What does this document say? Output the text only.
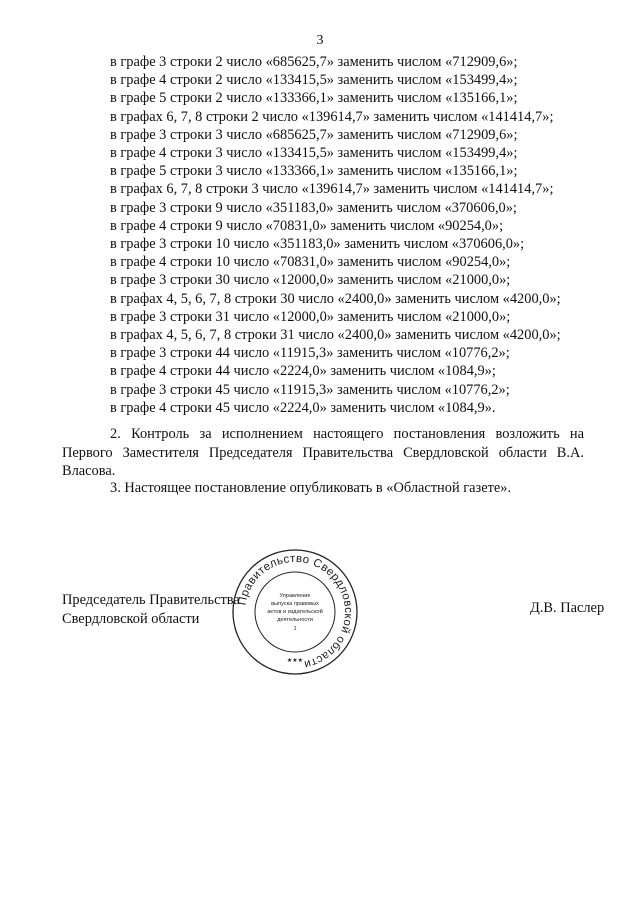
3
в графе 3 строки 2 число «685625,7» заменить числом «712909,6»;
в графе 4 строки 2 число «133415,5» заменить числом «153499,4»;
в графе 5 строки 2 число «133366,1» заменить числом «135166,1»;
в графах 6, 7, 8 строки 2 число «139614,7» заменить числом «141414,7»;
в графе 3 строки 3 число «685625,7» заменить числом «712909,6»;
в графе 4 строки 3 число «133415,5» заменить числом «153499,4»;
в графе 5 строки 3 число «133366,1» заменить числом «135166,1»;
в графах 6, 7, 8 строки 3 число «139614,7» заменить числом «141414,7»;
в графе 3 строки 9 число «351183,0» заменить числом «370606,0»;
в графе 4 строки 9 число «70831,0» заменить числом «90254,0»;
в графе 3 строки 10 число «351183,0» заменить числом «370606,0»;
в графе 4 строки 10 число «70831,0» заменить числом «90254,0»;
в графе 3 строки 30 число «12000,0» заменить числом «21000,0»;
в графах 4, 5, 6, 7, 8 строки 30 число «2400,0» заменить числом «4200,0»;
в графе 3 строки 31 число «12000,0» заменить числом «21000,0»;
в графах 4, 5, 6, 7, 8 строки 31 число «2400,0» заменить числом «4200,0»;
в графе 3 строки 44 число «11915,3» заменить числом «10776,2»;
в графе 4 строки 44 число «2224,0» заменить числом «1084,9»;
в графе 3 строки 45 число «11915,3» заменить числом «10776,2»;
в графе 4 строки 45 число «2224,0» заменить числом «1084,9».

2. Контроль за исполнением настоящего постановления возложить на Первого Заместителя Председателя Правительства Свердловской области В.А. Власова.

3. Настоящее постановление опубликовать в «Областной газете».

Председатель Правительства
Свердловской области
Д.В. Паслер
Правительство Свердловской области
Управление
выпуска правовых
актов и издательской
деятельности
1
★★★
